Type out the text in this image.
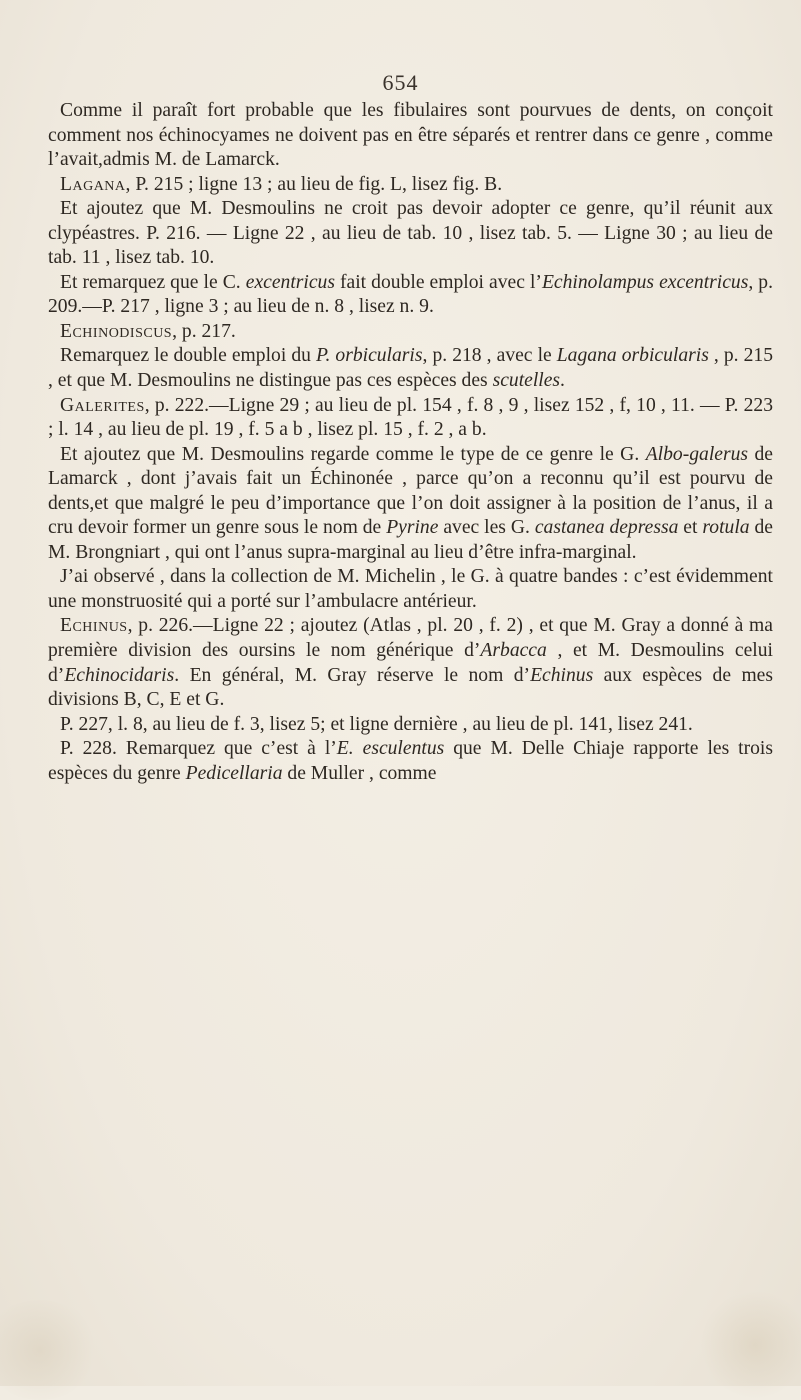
654

Comme il paraît fort probable que les fibulaires sont pourvues de dents, on conçoit comment nos échinocyames ne doivent pas en être séparés et rentrer dans ce genre , comme l’avait,admis M. de Lamarck.

Lagana, P. 215 ; ligne 13 ; au lieu de fig. L, lisez fig. B.

Et ajoutez que M. Desmoulins ne croit pas devoir adopter ce genre, qu’il réunit aux clypéastres. P. 216. — Ligne 22 , au lieu de tab. 10 , lisez tab. 5. — Ligne 30 ; au lieu de tab. 11 , lisez tab. 10.

Et remarquez que le C. excentricus fait double emploi avec l’Echinolampus excentricus, p. 209.—P. 217 , ligne 3 ; au lieu de n. 8 , lisez n. 9.

Echinodiscus, p. 217.

Remarquez le double emploi du P. orbicularis, p. 218 , avec le Lagana orbicularis , p. 215 , et que M. Desmoulins ne distingue pas ces espèces des scutelles.

Galerites, p. 222.—Ligne 29 ; au lieu de pl. 154 , f. 8 , 9 , lisez 152 , f, 10 , 11. — P. 223 ; l. 14 , au lieu de pl. 19 , f. 5 a b , lisez pl. 15 , f. 2 , a b.

Et ajoutez que M. Desmoulins regarde comme le type de ce genre le G. Albo-galerus de Lamarck , dont j’avais fait un Échinonée , parce qu’on a reconnu qu’il est pourvu de dents,et que malgré le peu d’importance que l’on doit assigner à la position de l’anus, il a cru devoir former un genre sous le nom de Pyrine avec les G. castanea depressa et rotula de M. Brongniart , qui ont l’anus supra-marginal au lieu d’être infra-marginal.

J’ai observé , dans la collection de M. Michelin , le G. à quatre bandes : c’est évidemment une monstruosité qui a porté sur l’ambulacre antérieur.

Echinus, p. 226.—Ligne 22 ; ajoutez (Atlas , pl. 20 , f. 2) , et que M. Gray a donné à ma première division des oursins le nom générique d’Arbacca , et M. Desmoulins celui d’Echinocidaris. En général, M. Gray réserve le nom d’Echinus aux espèces de mes divisions B, C, E et G.

P. 227, l. 8, au lieu de f. 3, lisez 5; et ligne dernière , au lieu de pl. 141, lisez 241.

P. 228. Remarquez que c’est à l’E. esculentus que M. Delle Chiaje rapporte les trois espèces du genre Pedicellaria de Muller , comme
